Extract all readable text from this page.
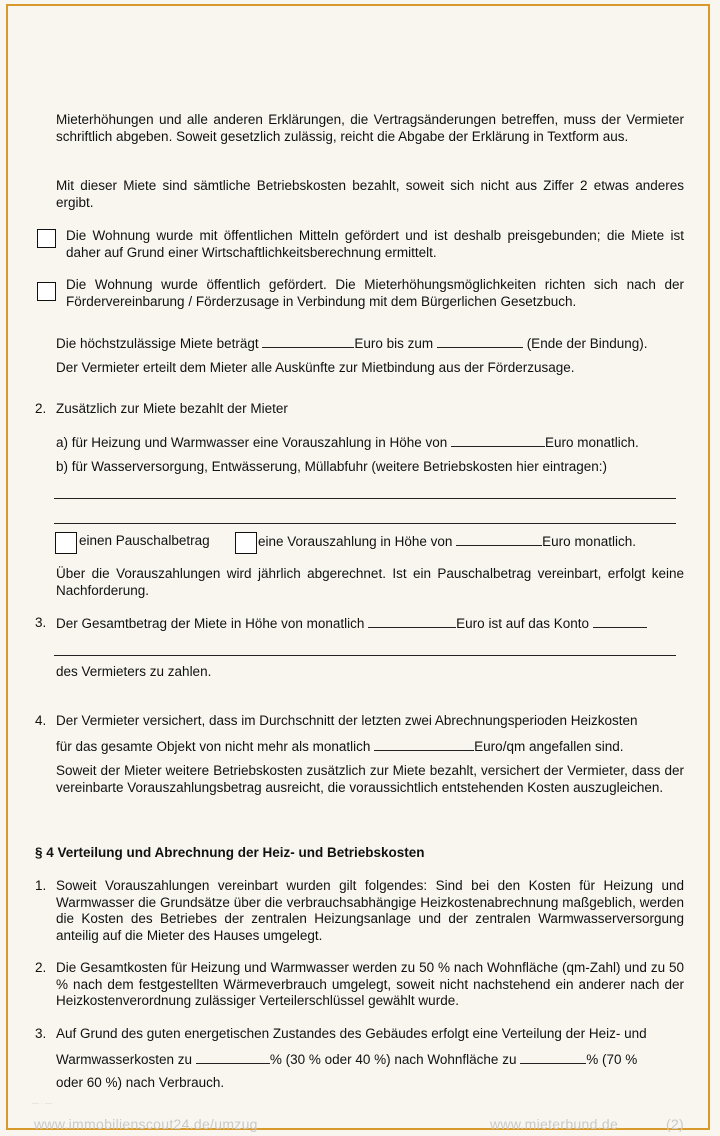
Mieterhöhungen und alle anderen Erklärungen, die Vertragsänderungen betreffen, muss der Vermieter schriftlich abgeben. Soweit gesetzlich zulässig, reicht die Abgabe der Erklärung in Textform aus.
Mit dieser Miete sind sämtliche Betriebskosten bezahlt, soweit sich nicht aus Ziffer 2 etwas anderes ergibt.
Die Wohnung wurde mit öffentlichen Mitteln gefördert und ist deshalb preisgebunden; die Miete ist daher auf Grund einer Wirtschaftlichkeitsberechnung ermittelt.
Die Wohnung wurde öffentlich gefördert. Die Mieterhöhungsmöglichkeiten richten sich nach der Fördervereinbarung / Förderzusage in Verbindung mit dem Bürgerlichen Gesetzbuch.
Die höchstzulässige Miete beträgt	Euro bis zum	(Ende der Bindung).
Der Vermieter erteilt dem Mieter alle Auskünfte zur Mietbindung aus der Förderzusage.
2. Zusätzlich zur Miete bezahlt der Mieter
a) für Heizung und Warmwasser eine Vorauszahlung in Höhe von	Euro monatlich.
b) für Wasserversorgung, Entwässerung, Müllabfuhr (weitere Betriebskosten hier eintragen:)
einen Pauschalbetrag	eine Vorauszahlung in Höhe von	Euro monatlich.
Über die Vorauszahlungen wird jährlich abgerechnet. Ist ein Pauschalbetrag vereinbart, erfolgt keine Nachforderung.
3. Der Gesamtbetrag der Miete in Höhe von monatlich	Euro ist auf das Konto
des Vermieters zu zahlen.
4. Der Vermieter versichert, dass im Durchschnitt der letzten zwei Abrechnungsperioden Heizkosten
für das gesamte Objekt von nicht mehr als monatlich	Euro/qm angefallen sind.
Soweit der Mieter weitere Betriebskosten zusätzlich zur Miete bezahlt, versichert der Vermieter, dass der vereinbarte Vorauszahlungsbetrag ausreicht, die voraussichtlich entstehenden Kosten auszugleichen.
§ 4 Verteilung und Abrechnung der Heiz- und Betriebskosten
1. Soweit Vorauszahlungen vereinbart wurden gilt folgendes: Sind bei den Kosten für Heizung und Warmwasser die Grundsätze über die verbrauchsabhängige Heizkostenabrechnung maßgeblich, werden die Kosten des Betriebes der zentralen Heizungsanlage und der zentralen Warmwasserversorgung anteilig auf die Mieter des Hauses umgelegt.
2. Die Gesamtkosten für Heizung und Warmwasser werden zu 50 % nach Wohnfläche (qm-Zahl) und zu 50 % nach dem festgestellten Wärmeverbrauch umgelegt, soweit nicht nachstehend ein anderer nach der Heizkostenverordnung zulässiger Verteilerschlüssel gewählt wurde.
3. Auf Grund des guten energetischen Zustandes des Gebäudes erfolgt eine Verteilung der Heiz- und
Warmwasserkosten zu	% (30 % oder 40 %) nach Wohnfläche zu	% (70 %
oder 60 %) nach Verbrauch.
— · —
www.immobilienscout24.de/umzug	www.mieterbund.de	(2)
